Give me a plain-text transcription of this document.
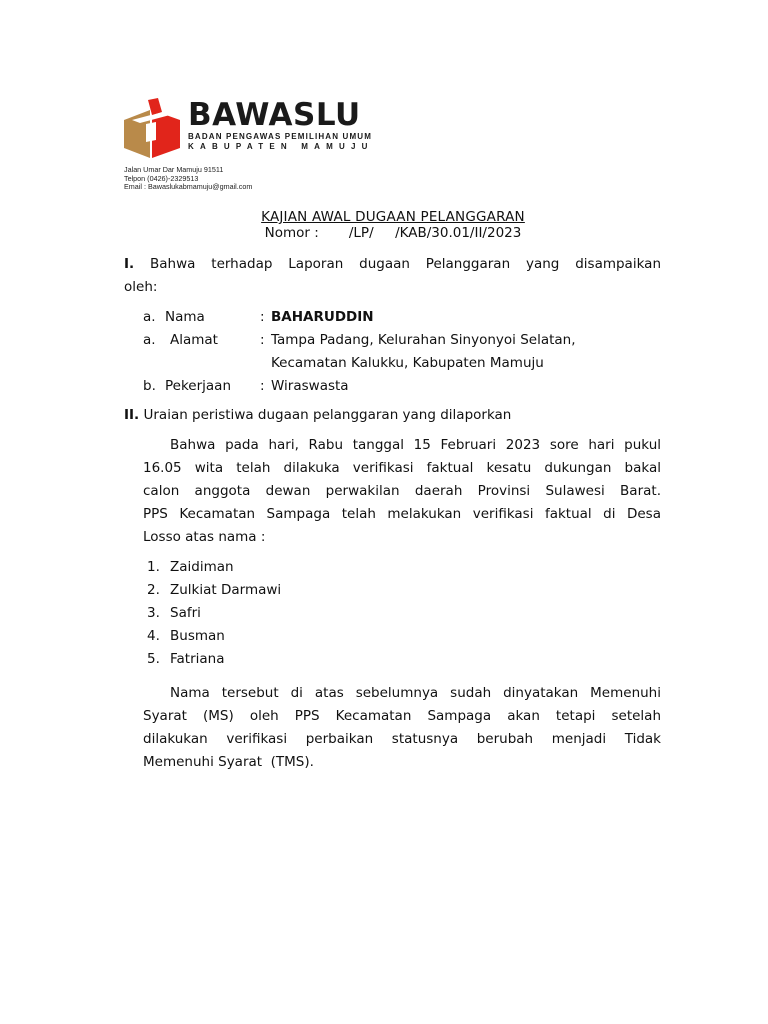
BAWASLU
BADAN PENGAWAS PEMILIHAN UMUM
KABUPATEN MAMUJU
Jalan Umar Dar Mamuju 91511
Telpon (0426)-2329513
Email : Bawaslukabmamuju@gmail.com
KAJIAN AWAL DUGAAN PELANGGARAN
Nomor :       /LP/     /KAB/30.01/II/2023
I. Bahwa terhadap Laporan dugaan Pelanggaran yang disampaikan
oleh:
a. Nama	: BAHARUDDIN
a. Alamat	: Tampa Padang, Kelurahan Sinyonyoi Selatan,
Kecamatan Kalukku, Kabupaten Mamuju
b. Pekerjaan : Wiraswasta
II. Uraian peristiwa dugaan pelanggaran yang dilaporkan
Bahwa pada hari, Rabu tanggal 15 Februari 2023 sore hari pukul
16.05 wita telah dilakuka verifikasi faktual kesatu dukungan bakal
calon anggota dewan perwakilan daerah Provinsi Sulawesi Barat.
PPS Kecamatan Sampaga telah melakukan verifikasi faktual di Desa
Losso atas nama :
1. Zaidiman
2. Zulkiat Darmawi
3. Safri
4. Busman
5. Fatriana
Nama tersebut di atas sebelumnya sudah dinyatakan Memenuhi
Syarat (MS) oleh PPS Kecamatan Sampaga akan tetapi setelah
dilakukan verifikasi perbaikan statusnya berubah menjadi Tidak
Memenuhi Syarat  (TMS).
